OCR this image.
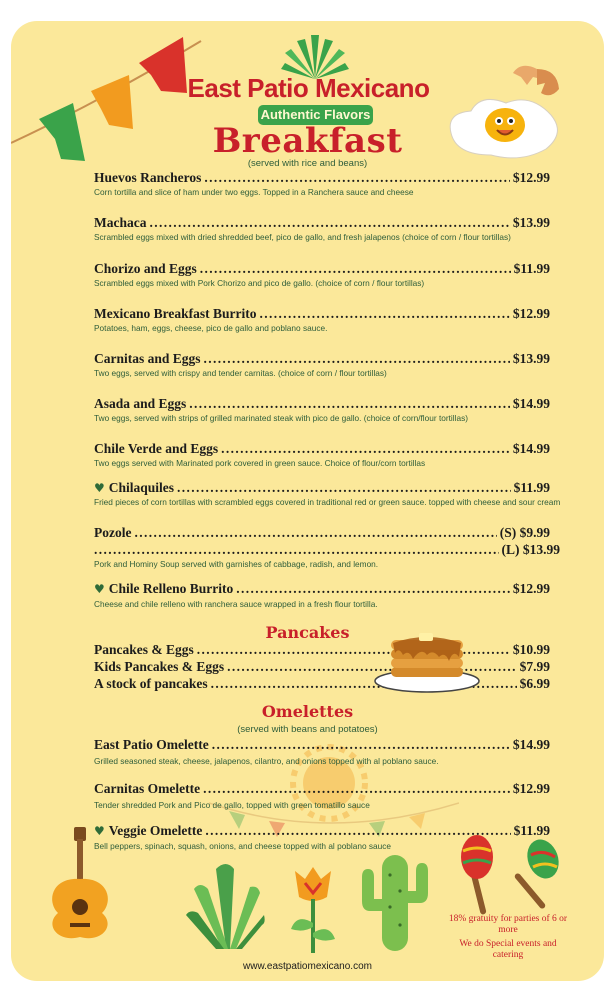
East Patio Mexicano
Authentic Flavors
Breakfast
(served with rice and beans)
Huevos Rancheros . . .	$12.99
Corn tortilla and slice of ham under two eggs. Topped in a Ranchera sauce and cheese
Machaca . . .	$13.99
Scrambled eggs mixed with dried shredded beef, pico de gallo, and fresh jalapenos (choice of corn / flour tortillas)
Chorizo and Eggs . . .	$11.99
Scrambled eggs mixed with Pork Chorizo and pico de gallo. (choice of corn / flour tortillas)
Mexicano Breakfast Burrito . . .	$12.99
Potatoes, ham, eggs, cheese, pico de gallo and poblano sauce.
Carnitas and Eggs . . .	$13.99
Two eggs, served with crispy and tender carnitas. (choice of corn / flour tortillas)
Asada and Eggs . . .	$14.99
Two eggs, served with strips of grilled marinated steak with pico de gallo. (choice of corn/flour tortillas)
Chile Verde and Eggs . . .	$14.99
Two eggs served with Marinated pork covered in green sauce. Choice of flour/corn tortillas
♥ Chilaquiles . . .	$11.99
Fried pieces of corn tortillas with scrambled eggs covered in traditional red or green sauce. topped with cheese and sour cream
Pozole . . .	(S) $9.99
. . .
(L) $13.99
Pork and Hominy Soup served with garnishes of cabbage, radish, and lemon.
♥ Chile Relleno Burrito . . .	$12.99
Cheese and chile relleno with ranchera sauce wrapped in a fresh flour tortilla.
Pancakes
Pancakes & Eggs . . .	$10.99
Kids Pancakes & Eggs . . .	$7.99
A stock of pancakes . . .	$6.99
Omelettes
(served with beans and potatoes)
East Patio Omelette . . .	$14.99
Grilled seasoned steak, cheese, jalapenos, cilantro, and onions topped with al poblano sauce.
Carnitas Omelette . . .	$12.99
Tender shredded Pork and Pico de gallo, topped with green tomatillo sauce
♥ Veggie Omelette . . .	$11.99
Bell peppers, spinach, squash, onions, and cheese topped with al poblano sauce
18% gratuity for parties of 6 or more
We do Special events and catering
www.eastpatiomexicano.com
